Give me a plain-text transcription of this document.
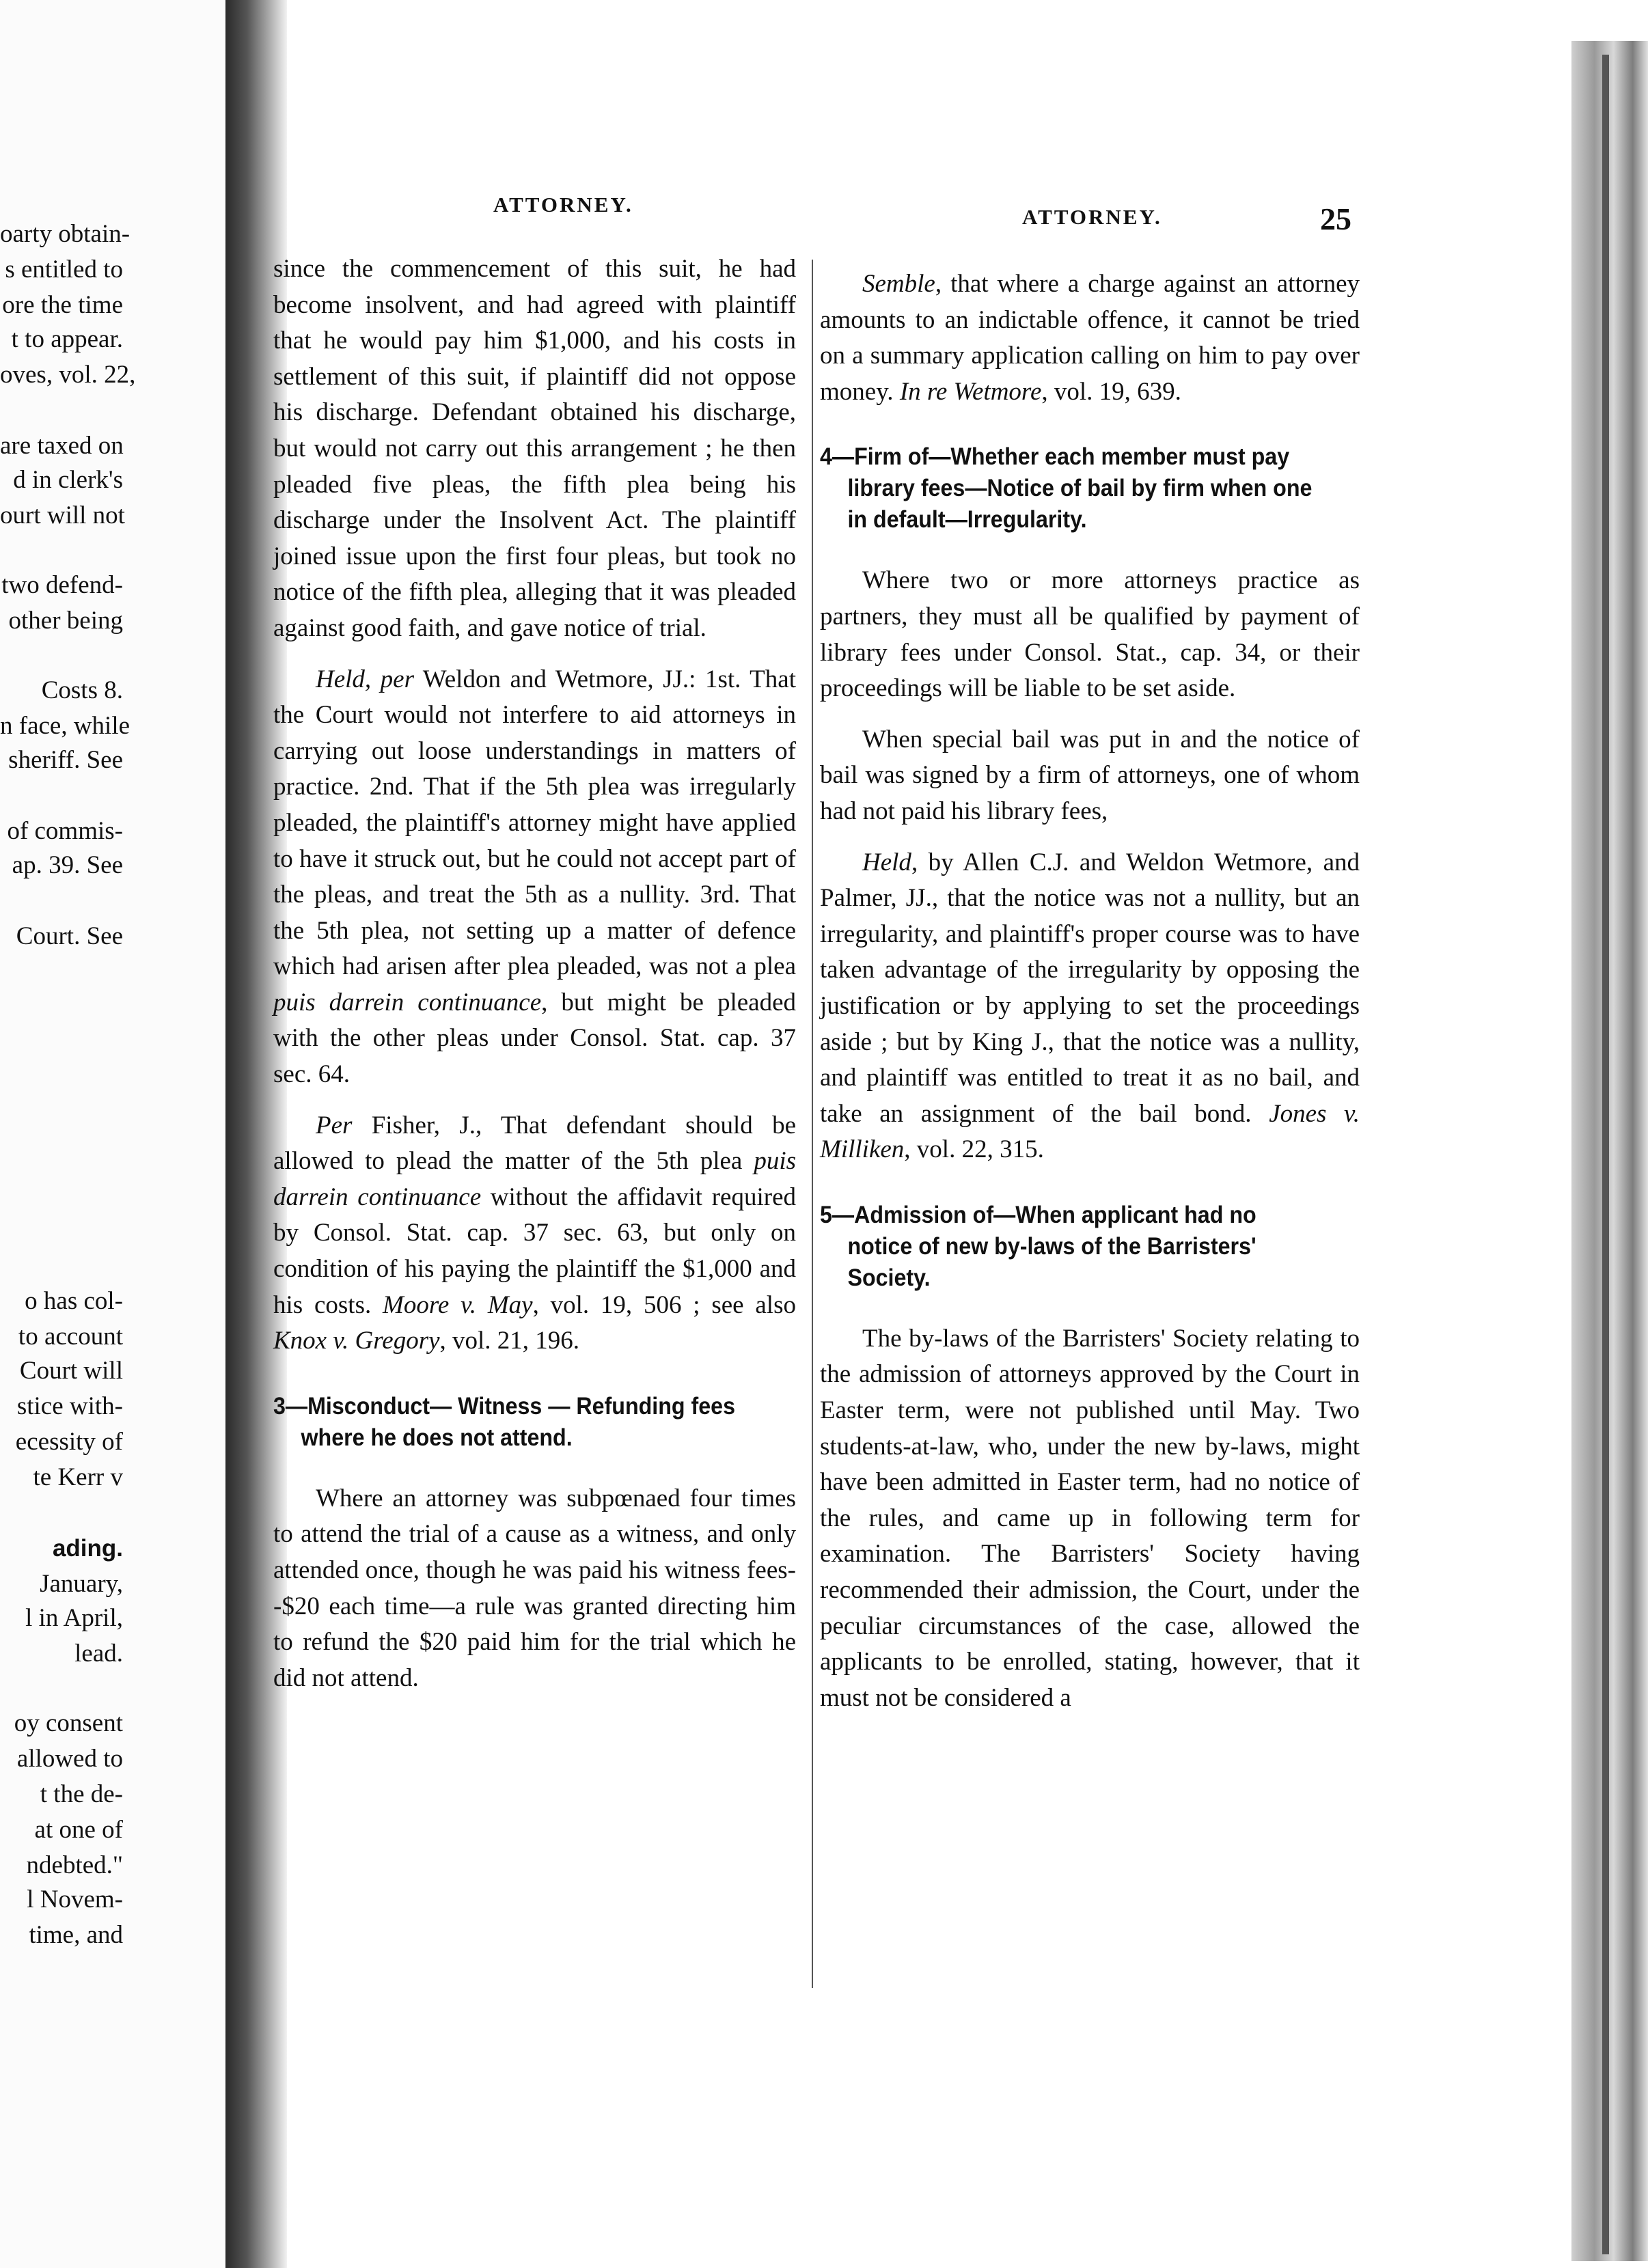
oarty obtain-
s entitled to
ore the time
t to appear.
oves, vol. 22,
are taxed on
d in clerk's
ourt will not
two defend-
other being
Costs 8.
n face, while
sheriff. See
of commis-
ap. 39. See
Court. See
o has col-
to account
Court will
stice with-
ecessity of
te Kerr v
ading.
January,
l in April,
lead.
oy consent
allowed to
t the de-
at one of
ndebted."
l Novem-
time, and
ATTORNEY.
ATTORNEY.	25

since the commencement of this suit, he had become insolvent, and had agreed with plaintiff that he would pay him $1,000, and his costs in settlement of this suit, if plaintiff did not oppose his discharge. Defendant obtained his discharge, but would not carry out this arrangement ; he then pleaded five pleas, the fifth plea being his discharge under the Insolvent Act. The plaintiff joined issue upon the first four pleas, but took no notice of the fifth plea, alleging that it was pleaded against good faith, and gave notice of trial.

Held, per Weldon and Wetmore, JJ.: 1st. That the Court would not interfere to aid attorneys in carrying out loose understandings in matters of practice. 2nd. That if the 5th plea was irregularly pleaded, the plaintiff's attorney might have applied to have it struck out, but he could not accept part of the pleas, and treat the 5th as a nullity. 3rd. That the 5th plea, not setting up a matter of defence which had arisen after plea pleaded, was not a plea puis darrein continuance, but might be pleaded with the other pleas under Consol. Stat. cap. 37 sec. 64.

Per Fisher, J., That defendant should be allowed to plead the matter of the 5th plea puis darrein continuance without the affidavit required by Consol. Stat. cap. 37 sec. 63, but only on condition of his paying the plaintiff the $1,000 and his costs. Moore v. May, vol. 19, 506 ; see also Knox v. Gregory, vol. 21, 196.

3—Misconduct— Witness — Refunding fees where he does not attend.

Where an attorney was subpœnaed four times to attend the trial of a cause as a witness, and only attended once, though he was paid his witness fees--$20 each time—a rule was granted directing him to refund the $20 paid him for the trial which he did not attend.

Semble, that where a charge against an attorney amounts to an indictable offence, it cannot be tried on a summary application calling on him to pay over money. In re Wetmore, vol. 19, 639.

4—Firm of—Whether each member must pay library fees—Notice of bail by firm when one in default—Irregularity.

Where two or more attorneys practice as partners, they must all be qualified by payment of library fees under Consol. Stat., cap. 34, or their proceedings will be liable to be set aside.

When special bail was put in and the notice of bail was signed by a firm of attorneys, one of whom had not paid his library fees,

Held, by Allen C.J. and Weldon Wetmore, and Palmer, JJ., that the notice was not a nullity, but an irregularity, and plaintiff's proper course was to have taken advantage of the irregularity by opposing the justification or by applying to set the proceedings aside ; but by King J., that the notice was a nullity, and plaintiff was entitled to treat it as no bail, and take an assignment of the bail bond. Jones v. Milliken, vol. 22, 315.

5—Admission of—When applicant had no notice of new by-laws of the Barristers' Society.

The by-laws of the Barristers' Society relating to the admission of attorneys approved by the Court in Easter term, were not published until May. Two students-at-law, who, under the new by-laws, might have been admitted in Easter term, had no notice of the rules, and came up in following term for examination. The Barristers' Society having recommended their admission, the Court, under the peculiar circumstances of the case, allowed the applicants to be enrolled, stating, however, that it must not be considered a
